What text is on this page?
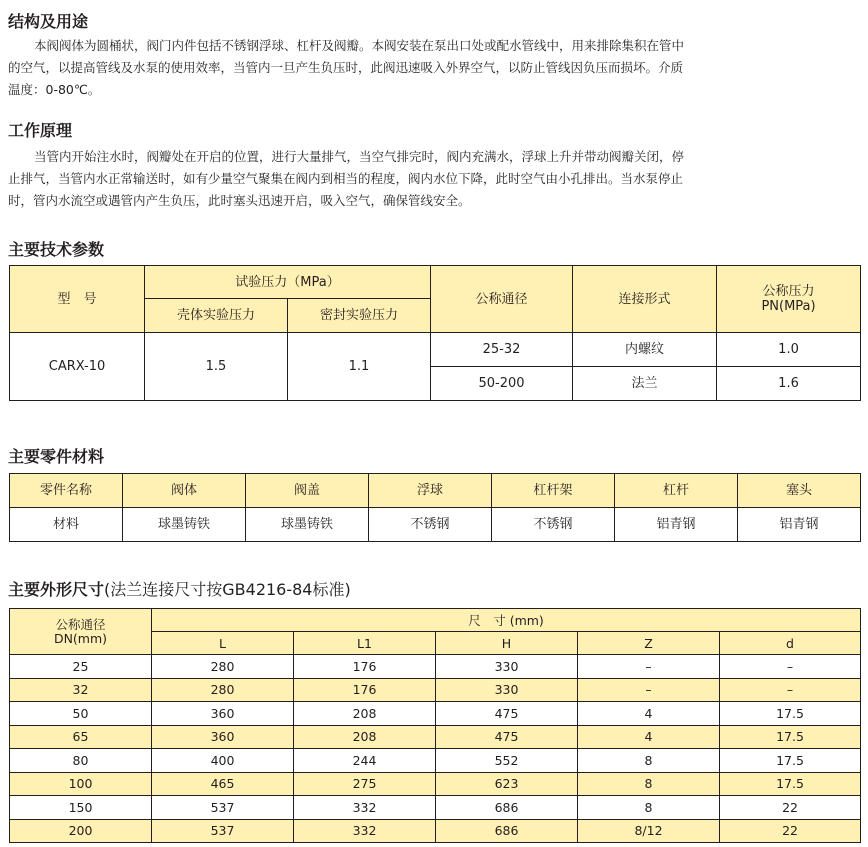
结构及用途

本阀阀体为圆桶状，阀门内件包括不锈钢浮球、杠杆及阀瓣。本阀安装在泵出口处或配水管线中，用来排除集积在管中

的空气，以提高管线及水泵的使用效率，当管内一旦产生负压时，此阀迅速吸入外界空气，以防止管线因负压而损坏。介质

温度：0-80℃。

工作原理

当管内开始注水时，阀瓣处在开启的位置，进行大量排气，当空气排完时，阀内充满水，浮球上升并带动阀瓣关闭，停

止排气，当管内水正常输送时，如有少量空气聚集在阀内到相当的程度，阀内水位下降，此时空气由小孔排出。当水泵停止

时，管内水流空或遇管内产生负压，此时塞头迅速开启，吸入空气，确保管线安全。

主要技术参数
型　号	试验压力（MPa）		公称通径	连接形式	公称压力
PN(MPa)
	壳体实验压力	密封实验压力			
CARX-10	1.5	1.1	25-32	内螺纹	1.0
			50-200	法兰	1.6
主要零件材料
零件名称	阀体	阀盖	浮球	杠杆架	杠杆	塞头
材料	球墨铸铁	球墨铸铁	不锈钢	不锈钢	铝青钢	铝青钢
主要外形尺寸(法兰连接尺寸按GB4216-84标准)
公称通径
DN(mm)	尺　寸 (mm)				
	L	L1	H	Z	d
25	280	176	330	–	–
32	280	176	330	–	–
50	360	208	475	4	17.5
65	360	208	475	4	17.5
80	400	244	552	8	17.5
100	465	275	623	8	17.5
150	537	332	686	8	22
200	537	332	686	8/12	22
